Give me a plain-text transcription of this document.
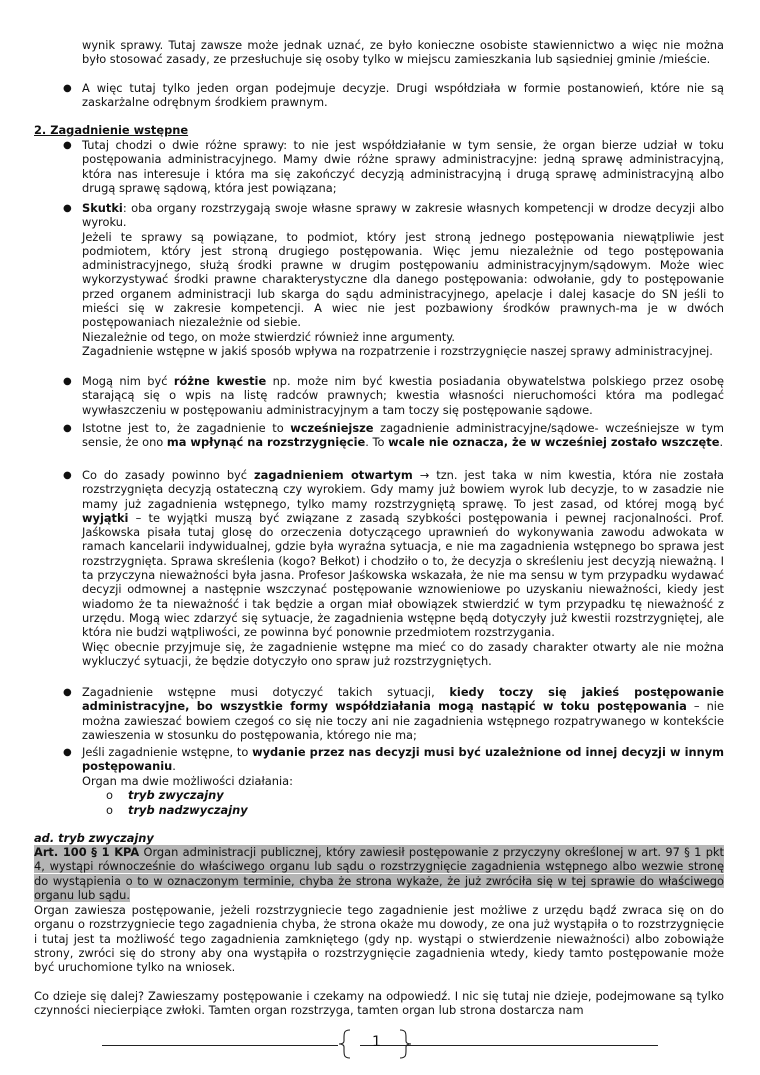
wynik sprawy. Tutaj zawsze może jednak uznać, ze było konieczne osobiste stawiennictwo a więc nie można było stosować zasady, ze przesłuchuje się osoby tylko w miejscu zamieszkania lub sąsiedniej gminie /mieście.

● A więc tutaj tylko jeden organ podejmuje decyzje. Drugi współdziała w formie postanowień, które nie są zaskarżalne odrębnym środkiem prawnym.

2. Zagadnienie wstępne
● Tutaj chodzi o dwie różne sprawy: to nie jest współdziałanie w tym sensie, że organ bierze udział w toku postępowania administracyjnego. Mamy dwie różne sprawy administracyjne: jedną sprawę administracyjną, która nas interesuje i która ma się zakończyć decyzją administracyjną i drugą sprawę administracyjną albo drugą sprawę sądową, która jest powiązana;

● Skutki: oba organy rozstrzygają swoje własne sprawy w zakresie własnych kompetencji w drodze decyzji albo wyroku.

Jeżeli te sprawy są powiązane, to podmiot, który jest stroną jednego postępowania niewątpliwie jest podmiotem, który jest stroną drugiego postępowania. Więc jemu niezależnie od tego postępowania administracyjnego, służą środki prawne w drugim postępowaniu administracyjnym/sądowym. Może wiec wykorzystywać środki prawne charakterystyczne dla danego postępowania: odwołanie, gdy to postępowanie przed organem administracji lub skarga do sądu administracyjnego, apelacje i dalej kasacje do SN jeśli to mieści się w zakresie kompetencji. A wiec nie jest pozbawiony środków prawnych-ma je w dwóch postępowaniach niezależnie od siebie.

Niezależnie od tego, on może stwierdzić również inne argumenty.

Zagadnienie wstępne w jakiś sposób wpływa na rozpatrzenie i rozstrzygnięcie naszej sprawy administracyjnej.

● Mogą nim być różne kwestie np. może nim być kwestia posiadania obywatelstwa polskiego przez osobę starającą się o wpis na listę radców prawnych; kwestia własności nieruchomości która ma podlegać wywłaszczeniu w postępowaniu administracyjnym a tam toczy się postępowanie sądowe.

● Istotne jest to, że zagadnienie to wcześniejsze zagadnienie administracyjne/sądowe- wcześniejsze w tym sensie, że ono ma wpłynąć na rozstrzygnięcie. To wcale nie oznacza, że w wcześniej zostało wszczęte.

● Co do zasady powinno być zagadnieniem otwartym → tzn. jest taka w nim kwestia, która nie została rozstrzygnięta decyzją ostateczną czy wyrokiem. Gdy mamy już bowiem wyrok lub decyzje, to w zasadzie nie mamy już zagadnienia wstępnego, tylko mamy rozstrzygniętą sprawę. To jest zasad, od której mogą być wyjątki – te wyjątki muszą być związane z zasadą szybkości postępowania i pewnej racjonalności. Prof. Jaśkowska pisała tutaj glosę do orzeczenia dotyczącego uprawnień do wykonywania zawodu adwokata w ramach kancelarii indywidualnej, gdzie była wyraźna sytuacja, e nie ma zagadnienia wstępnego bo sprawa jest rozstrzygnięta. Sprawa skreślenia (kogo? Bełkot) i chodziło o to, że decyzja o skreśleniu jest decyzją nieważną. I ta przyczyna nieważności była jasna. Profesor Jaśkowska wskazała, że nie ma sensu w tym przypadku wydawać decyzji odmownej a następnie wszczynać postępowanie wznowieniowe po uzyskaniu nieważności, kiedy jest wiadomo że ta nieważność i tak będzie a organ miał obowiązek stwierdzić w tym przypadku tę nieważność z urzędu. Mogą wiec zdarzyć się sytuacje, że zagadnienia wstępne będą dotyczyły już kwestii rozstrzygniętej, ale która nie budzi wątpliwości, ze powinna być ponownie przedmiotem rozstrzygania.

Więc obecnie przyjmuje się, że zagadnienie wstępne ma mieć co do zasady charakter otwarty ale nie można wykluczyć sytuacji, że będzie dotyczyło ono spraw już rozstrzygniętych.

● Zagadnienie wstępne musi dotyczyć takich sytuacji, kiedy toczy się jakieś postępowanie administracyjne, bo wszystkie formy współdziałania mogą nastąpić w toku postępowania – nie można zawieszać bowiem czegoś co się nie toczy ani nie zagadnienia wstępnego rozpatrywanego w kontekście zawieszenia w stosunku do postępowania, którego nie ma;

● Jeśli zagadnienie wstępne, to wydanie przez nas decyzji musi być uzależnione od innej decyzji w innym postępowaniu.

Organ ma dwie możliwości działania:

o tryb zwyczajny
o tryb nadzwyczajny
ad. tryb zwyczajny

Art. 100 § 1 KPA Organ administracji publicznej, który zawiesił postępowanie z przyczyny określonej w art. 97 § 1 pkt 4, wystąpi równocześnie do właściwego organu lub sądu o rozstrzygnięcie zagadnienia wstępnego albo wezwie stronę do wystąpienia o to w oznaczonym terminie, chyba że strona wykaże, że już zwróciła się w tej sprawie do właściwego organu lub sądu.

Organ zawiesza postępowanie, jeżeli rozstrzygniecie tego zagadnienie jest możliwe z urzędu bądź zwraca się on do organu o rozstrzygniecie tego zagadnienia chyba, że strona okaże mu dowody, ze ona już wystąpiła o to rozstrzygnięcie i tutaj jest ta możliwość tego zagadnienia zamkniętego (gdy np. wystąpi o stwierdzenie nieważności) albo zobowiąże strony, zwróci się do strony aby ona wystąpiła o rozstrzygnięcie zagadnienia wtedy, kiedy tamto postępowanie może być uruchomione tylko na wniosek.

Co dzieje się dalej? Zawieszamy postępowanie i czekamy na odpowiedź. I nic się tutaj nie dzieje, podejmowane są tylko czynności niecierpiące zwłoki. Tamten organ rozstrzyga, tamten organ lub strona dostarcza nam

1
